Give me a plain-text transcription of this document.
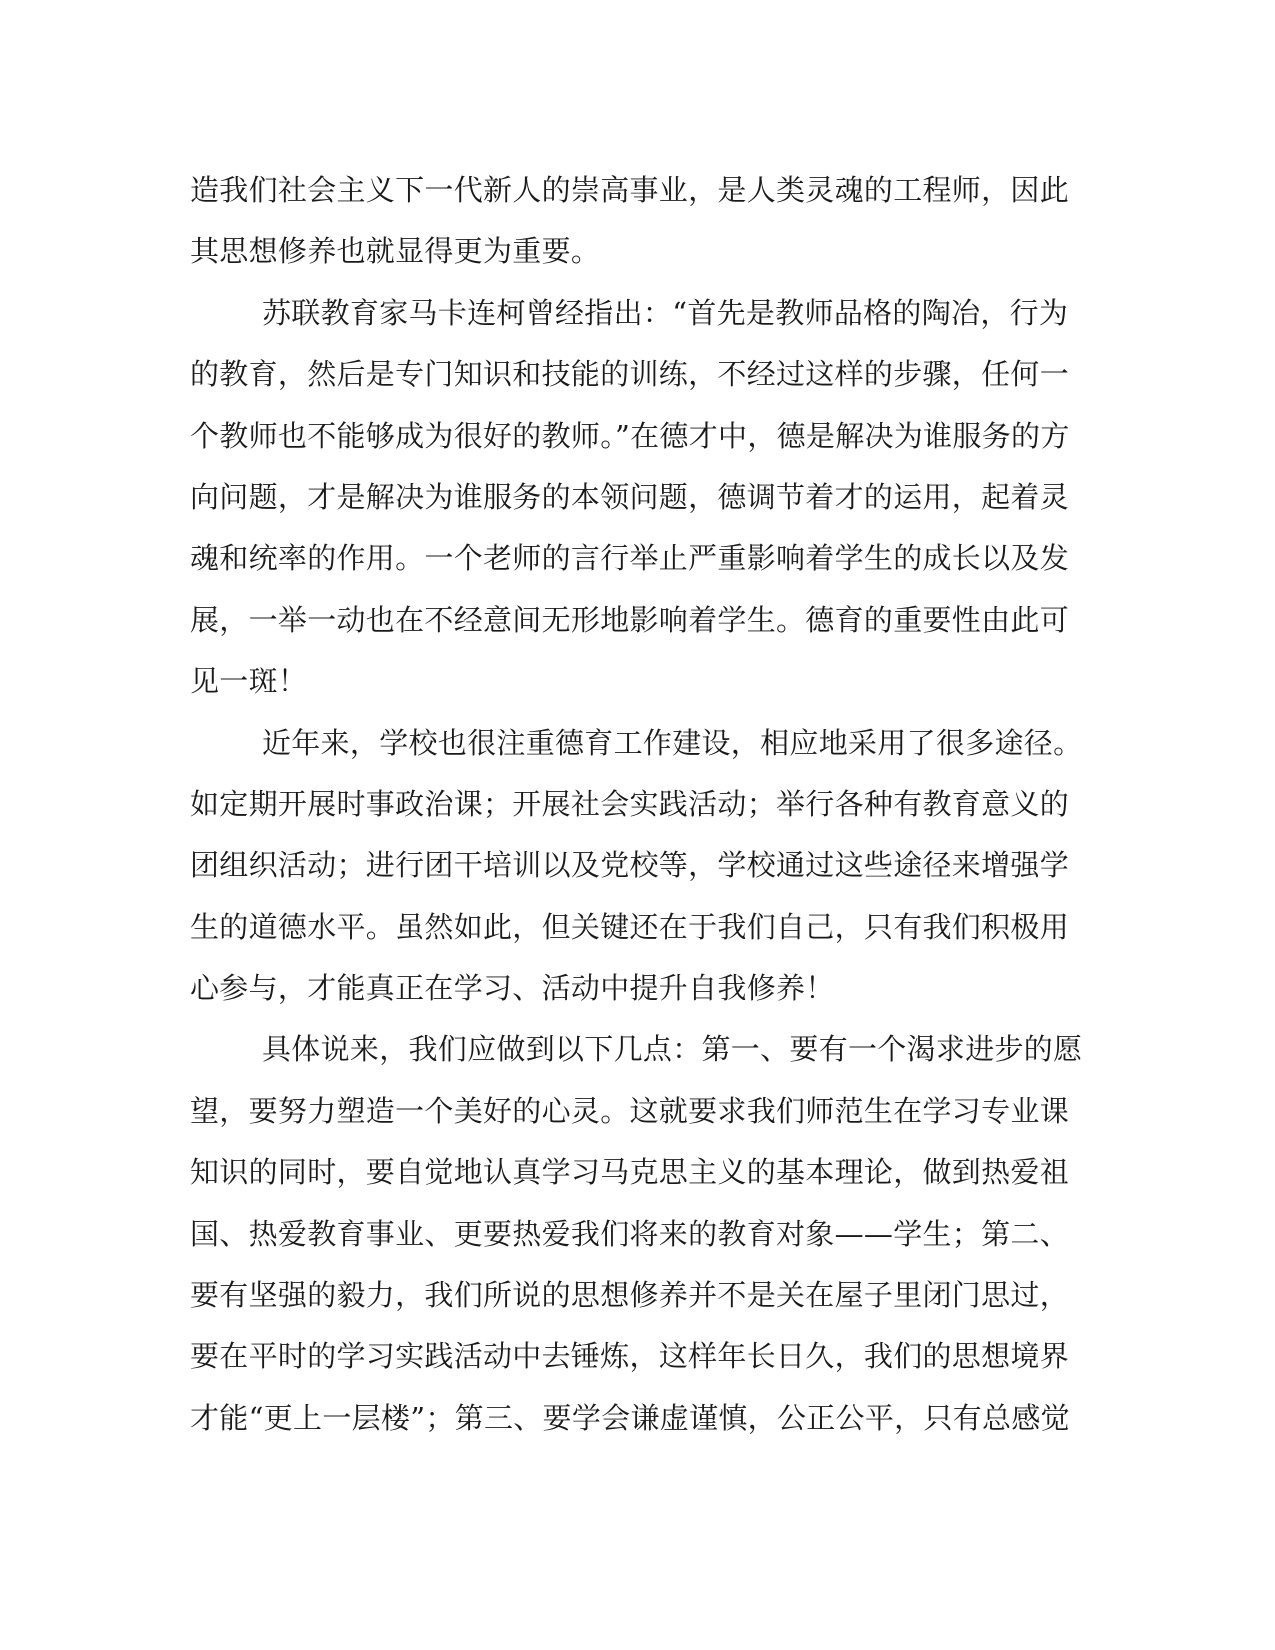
造我们社会主义下一代新人的崇高事业，是人类灵魂的工程师，因此
其思想修养也就显得更为重要。
苏联教育家马卡连柯曾经指出：“首先是教师品格的陶冶，行为
的教育，然后是专门知识和技能的训练，不经过这样的步骤，任何一
个教师也不能够成为很好的教师。”在德才中，德是解决为谁服务的方
向问题，才是解决为谁服务的本领问题，德调节着才的运用，起着灵
魂和统率的作用。一个老师的言行举止严重影响着学生的成长以及发
展，一举一动也在不经意间无形地影响着学生。德育的重要性由此可
见一斑！
近年来，学校也很注重德育工作建设，相应地采用了很多途径。
如定期开展时事政治课；开展社会实践活动；举行各种有教育意义的
团组织活动；进行团干培训以及党校等，学校通过这些途径来增强学
生的道德水平。虽然如此，但关键还在于我们自己，只有我们积极用
心参与，才能真正在学习、活动中提升自我修养！
具体说来，我们应做到以下几点：第一、要有一个渴求进步的愿
望，要努力塑造一个美好的心灵。这就要求我们师范生在学习专业课
知识的同时，要自觉地认真学习马克思主义的基本理论，做到热爱祖
国、热爱教育事业、更要热爱我们将来的教育对象——学生；第二、
要有坚强的毅力，我们所说的思想修养并不是关在屋子里闭门思过，
要在平时的学习实践活动中去锤炼，这样年长日久，我们的思想境界
才能“更上一层楼”；第三、要学会谦虚谨慎，公正公平，只有总感觉
